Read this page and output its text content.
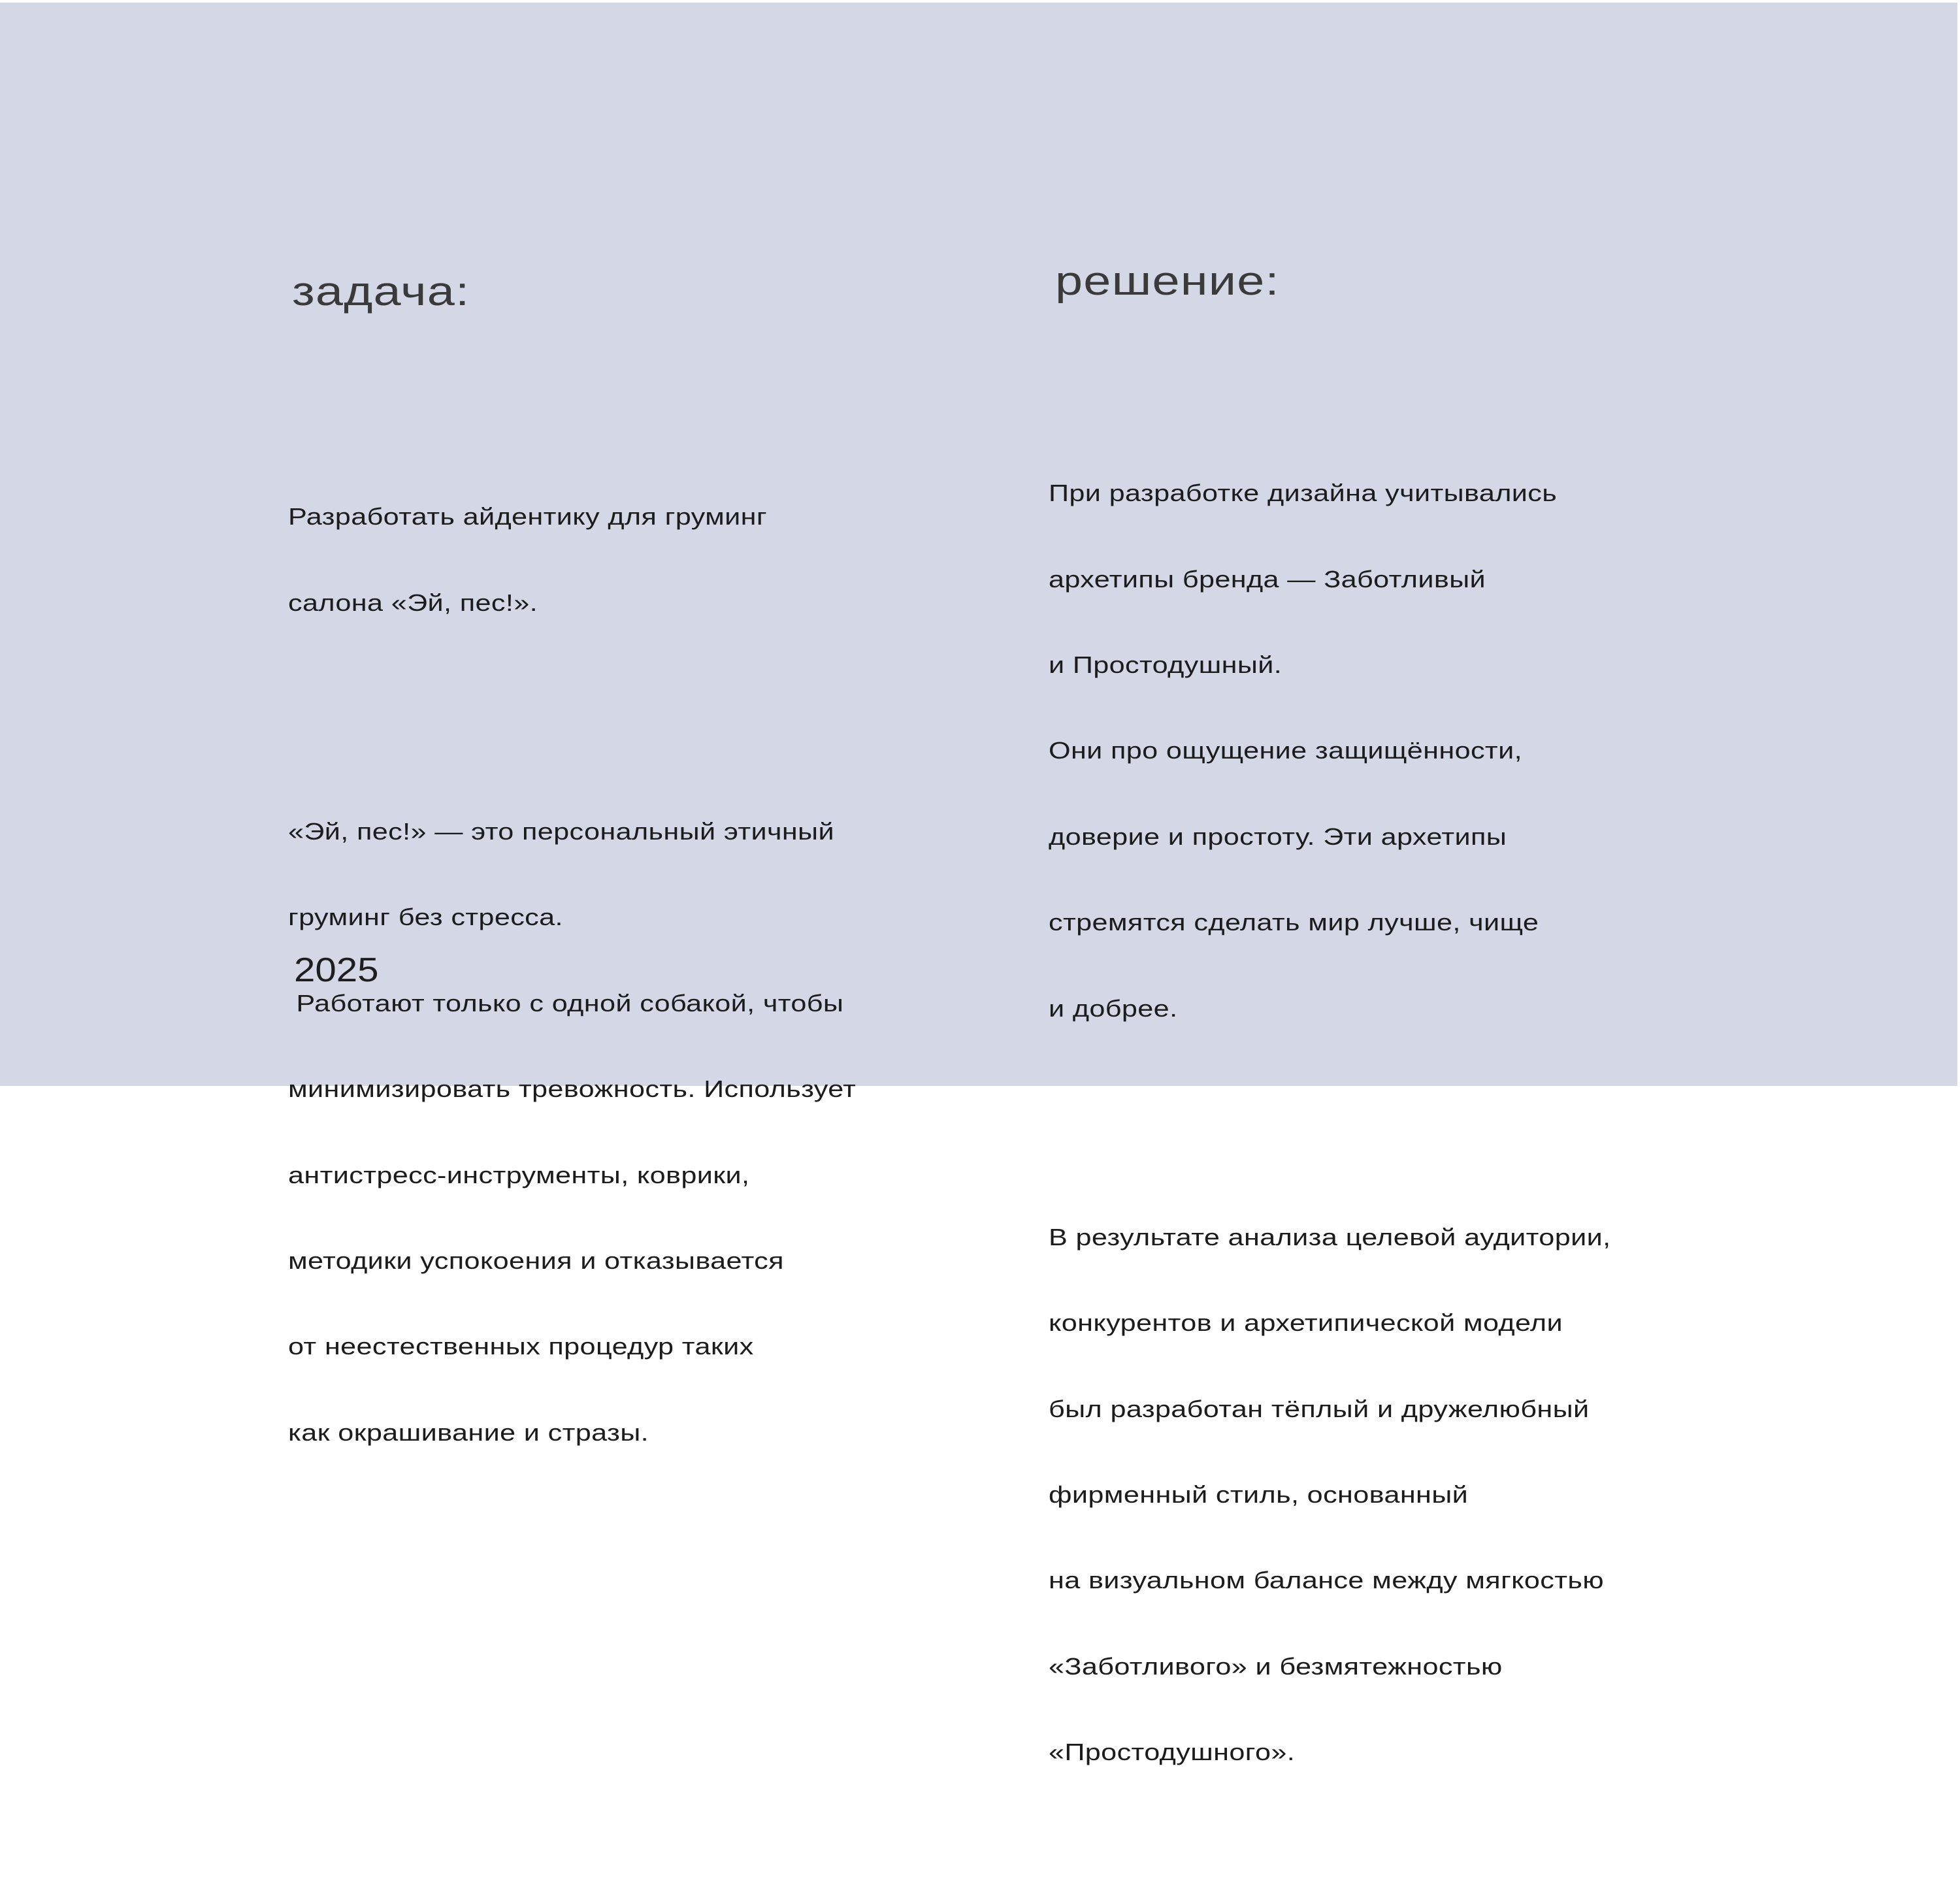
задача:

Разработать айдентику для груминг

салона «Эй, пес!».

«Эй, пес!» — это персональный этичный

груминг без стресса.

Работают только с одной собакой, чтобы

минимизировать тревожность. Использует

антистресс-инструменты, коврики,

методики успокоения и отказывается

от неестественных процедур таких

как окрашивание и стразы.

решение:

При разработке дизайна учитывались

архетипы бренда — Заботливый

и Простодушный.

Они про ощущение защищённости,

доверие и простоту. Эти архетипы

стремятся сделать мир лучше, чище

и добрее.

В результате анализа целевой аудитории,

конкурентов и архетипической модели

был разработан тёплый и дружелюбный

фирменный стиль, основанный

на визуальном балансе между мягкостью

«Заботливого» и безмятежностью

«Простодушного».

2025
